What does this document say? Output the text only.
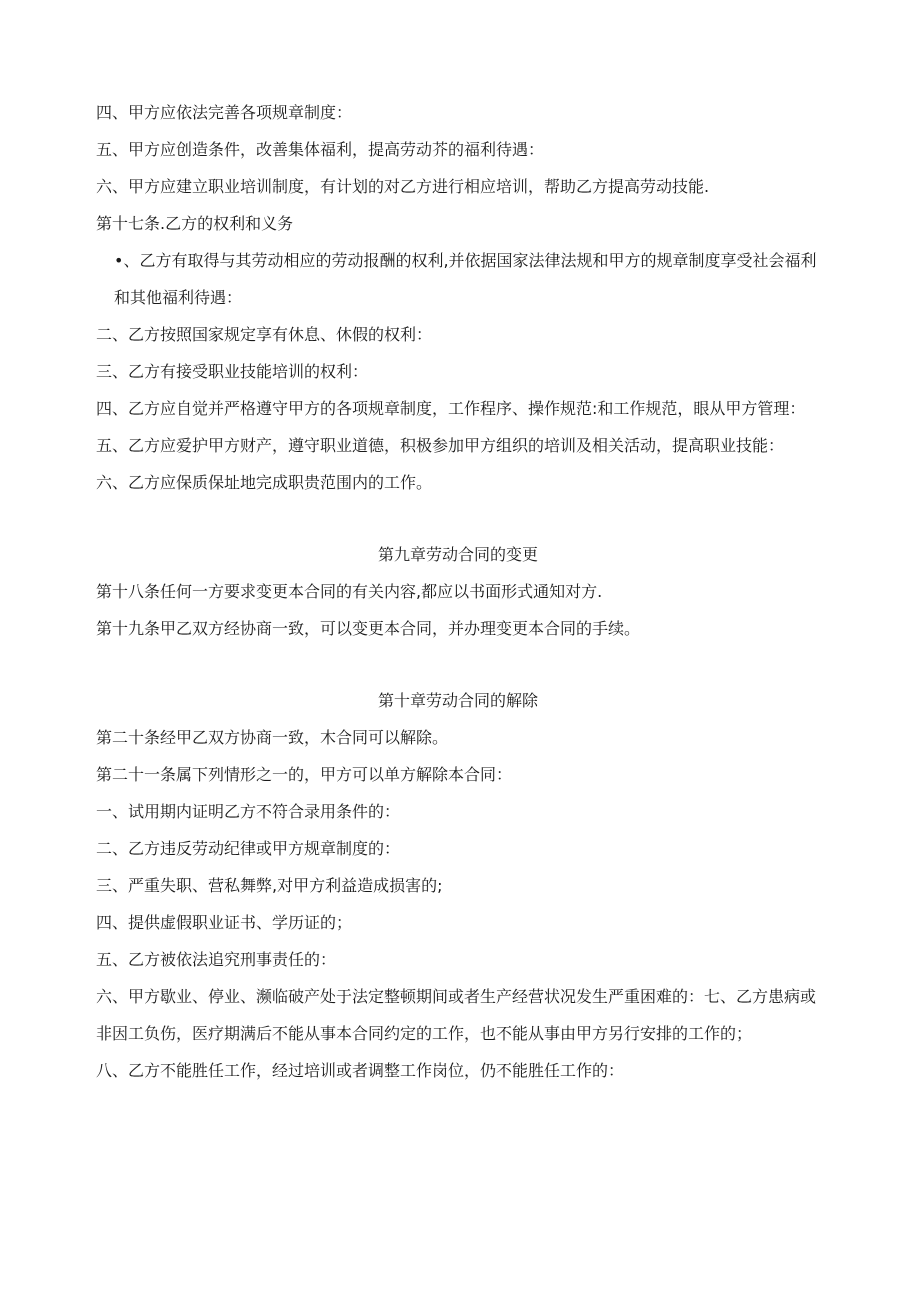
四、甲方应依法完善各项规章制度：

五、甲方应创造条件，改善集体福利，提高劳动芥的福利待遇：

六、甲方应建立职业培训制度，有计划的对乙方进行相应培训，帮助乙方提高劳动技能.

第十七条.乙方的权利和义务

•、乙方有取得与其劳动相应的劳动报酬的权利,并依据国家法律法规和甲方的规章制度享受社会福利和其他福利待遇：

二、乙方按照国家规定享有休息、休假的权利：

三、乙方有接受职业技能培训的权利：

四、乙方应自觉并严格遵守甲方的各项规章制度，工作程序、操作规范:和工作规范，眼从甲方管理：

五、乙方应爱护甲方财产，遵守职业道德，积极参加甲方组织的培训及相关活动，提高职业技能：

六、乙方应保质保址地完成职贵范围内的工作。

第九章劳动合同的变更

第十八条任何一方要求变更本合同的有关内容,都应以书面形式通知对方.

第十九条甲乙双方经协商一致，可以变更本合同，并办理变更本合同的手续。

第十章劳动合同的解除

第二十条经甲乙双方协商一致，木合同可以解除。

第二十一条属下列情形之一的，甲方可以单方解除本合同：

一、试用期内证明乙方不符合录用条件的：

二、乙方违反劳动纪律或甲方规章制度的：

三、严重失职、营私舞弊,对甲方利益造成损害的;

四、提供虚假职业证书、学历证的；

五、乙方被依法追究刑事责任的：

六、甲方歇业、停业、濒临破产处于法定整顿期间或者生产经营状况发生严重困难的：七、乙方患病或非因工负伤，医疗期满后不能从事本合同约定的工作，也不能从事由甲方另行安排的工作的；

八、乙方不能胜任工作，经过培训或者调整工作岗位，仍不能胜任工作的：
